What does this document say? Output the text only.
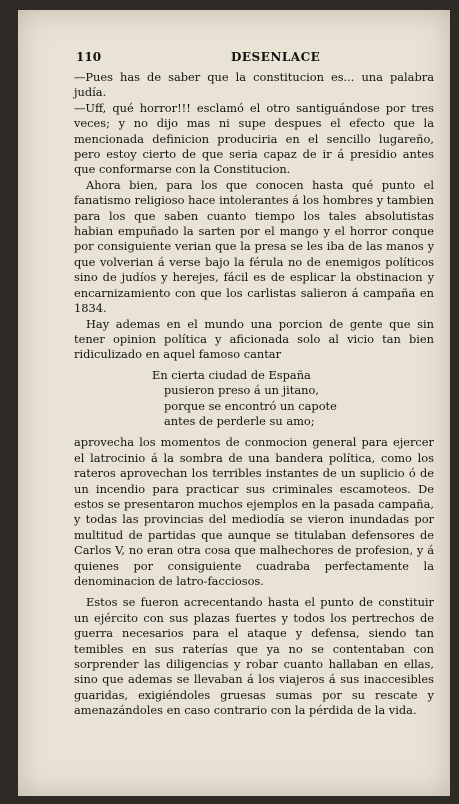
110	DESENLACE

—Pues has de saber que la constitucion es... una palabra judía.

—Uff, qué horror!!! esclamó el otro santiguándose por tres veces; y no dijo mas ni supe despues el efecto que la mencionada definicion produciria en el sencillo lugareño, pero estoy cierto de que seria capaz de ir á presidio antes que conformarse con la Constitucion.

Ahora bien, para los que conocen hasta qué punto el fanatismo religioso hace intolerantes á los hombres y tambien para los que saben cuanto tiempo los tales absolutistas habian empuñado la sarten por el mango y el horror conque por consiguiente verian que la presa se les iba de las manos y que volverian á verse bajo la férula no de enemigos políticos sino de judíos y herejes, fácil es de esplicar la obstinacion y encarnizamiento con que los carlistas salieron á campaña en 1834.

Hay ademas en el mundo una porcion de gente que sin tener opinion política y aficionada solo al vicio tan bien ridiculizado en aquel famoso cantar

En cierta ciudad de España
pusieron preso á un jitano,
porque se encontró un capote
antes de perderle su amo;

aprovecha los momentos de conmocion general para ejercer el latrocinio á la sombra de una bandera política, como los rateros aprovechan los terribles instantes de un suplicio ó de un incendio para practicar sus criminales escamoteos. De estos se presentaron muchos ejemplos en la pasada campaña, y todas las provincias del mediodía se vieron inundadas por multitud de partidas que aunque se titulaban defensores de Carlos V, no eran otra cosa que malhechores de profesion, y á quienes por consiguiente cuadraba perfectamente la denominacion de latro-facciosos.

Estos se fueron acrecentando hasta el punto de constituir un ejército con sus plazas fuertes y todos los pertrechos de guerra necesarios para el ataque y defensa, siendo tan temibles en sus raterías que ya no se contentaban con sorprender las diligencias y robar cuanto hallaban en ellas, sino que ademas se llevaban á los viajeros á sus inaccesibles guaridas, exigiéndoles gruesas sumas por su rescate y amenazándoles en caso contrario con la pérdida de la vida.
